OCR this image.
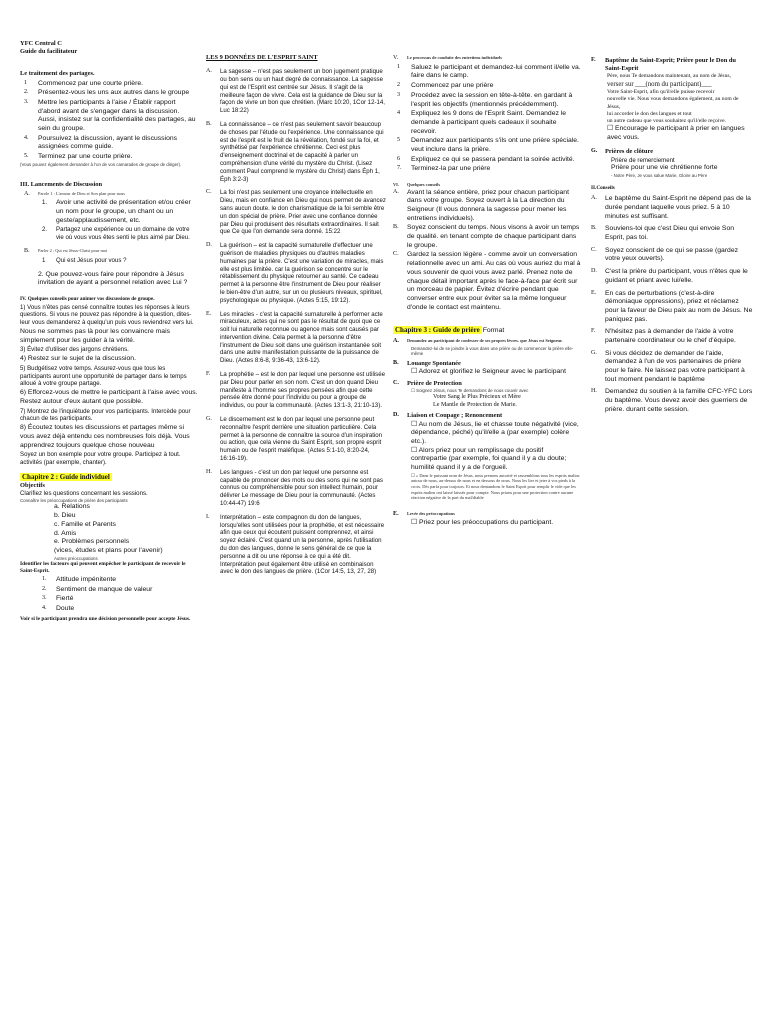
YFC Central C
Guide du facilitateur
Le traitement des partages.
1	Commencez par une courte prière.
2.	Présentez-vous les uns aux autres dans le groupe
3.	Mettre les participants à l'aise / Établir rapport d'abord avant de s'engager dans la discussion. Aussi, insistez sur la confidentialité des partages, au sein du groupe.
4.	Poursuivez la discussion, ayant le discussions assignées comme guide.
5.	Terminez par une courte prière.
(Vous pouvez également demander à l'un de vos camarades de groupe de diriger).
III. Lancements de Discussion
A.	Parole 1 : L'amour de Dieu et Son plan pour nous
1.	Avoir une activité de présentation et/ou créer un nom pour le groupe, un chant ou un geste/applaudissement, etc.
2.	Partagez une expérience ou un domaine de votre vie où vous vous êtes senti le plus aimé par Dieu.
B.	Parler 2 : Qui est Jésus-Christ pour moi
1	Qui est Jésus pour vous ?
2. Que pouvez-vous faire pour répondre à Jésus invitation de ayant a personnel relation avec Lui ?
IV. Quelques conseils pour animer vos discussions de groupe.

1) Vous n'êtes pas censé connaître toutes les réponses à leurs questions. Si vous ne pouvez pas répondre à la question, dites-leur vous demanderez à quelqu'un puis vous reviendrez vers lui.

Nous ne sommes pas là pour les convaincre mais simplement pour les guider à la vérité.

3) Évitez d'utiliser des jargons chrétiens.

4) Restez sur le sujet de la discussion.

5) Budgétisez votre temps. Assurez-vous que tous les participants auront une opportunité de partager dans le temps alloué à votre groupe partage.

6) Efforcez-vous de mettre le participant à l'aise avec vous. Restez autour d'eux autant que possible.

7) Montrez de l'inquiétude pour vos participants. Intercède pour chacun de tes participants.

8) Écoutez toutes les discussions et partages même si vous avez déjà entendu ces nombreuses fois déjà. Vous apprendrez toujours quelque chose nouveau

Soyez un bon exemple pour votre groupe. Participez à tout. activités (par exemple, chanter).

Chapitre 2 : Guide individuel
Objectifs
Clarifiez les questions concernant les sessions.
Connaître les préoccupations de prière des participants
a. Relations
b. Dieu
c. Famille et Parents
d. Amis
e. Problèmes personnels
(vices, études et plans pour l'avenir)
Autres préoccupations
Identifier les facteurs qui peuvent empêcher le participant de recevoir le Saint-Esprit.
1.	Attitude impénitente
2.	Sentiment de manque de valeur
3.	Fierté
4.	Doute
Voir si le participant prendra une décision personnelle pour accepte Jésus.
LES 9 DONNÉES DE L'ESPRIT SAINT
A.	La sagesse – n'est pas seulement un bon jugement pratique ou bon sens ou un haut degré de connaissance. La sagesse qui est de l'Esprit est centrée sur Jésus. Il s'agit de la meilleure façon de vivre. Cela est la guidance de Dieu sur la façon de vivre un bon que chrétien. (Marc 10:20, 1Cor 12-14, Luc 18:22)
B.	La connaissance – ce n'est pas seulement savoir beaucoup de choses par l'étude ou l'expérience. Une connaissance qui est de l'esprit est le fruit de la révélation, fondé sur la foi, et synthétisé par l'expérience chrétienne. Ceci est plus d'enseignement doctrinal et de capacité à parler un compréhension d'une vérité du mystère du Christ. (Lisez comment Paul comprend le mystère du Christ) dans Éph 1, Éph 3:2-3)
C.	La foi n'est pas seulement une croyance intellectuelle en Dieu, mais en confiance en Dieu qui nous permet de avancez sans aucun doute. le don charismatique de la foi semble être un don spécial de prière. Prier avec une confiance donnée par Dieu qui produisent des résultats extraordinaires. Il sait que Ce que l'on demande sera donné. 15:22
D.	La guérison – est la capacité surnaturelle d'effectuer une guérison de maladies physiques ou d'autres maladies humaines par la prière. C'est une variation de miracles, mais elle est plus limitée. car la guérison se concentre sur le rétablissement du physique retourner au santé. Ce cadeau permet à la personne être l'instrument de Dieu pour réaliser le bien-être d'un autre, sur un ou plusieurs niveaux, spirituel, psychologique ou physique. (Actes 5:15, 19:12).
E.	Les miracles - c'est la capacité surnaturelle à performer acte miraculeux, actes qui ne sont pas le résultat de quoi que ce soit lui naturelle reconnue ou agence mais sont causés par intervention divine. Cela permet à la personne d'être l'instrument de Dieu soit dans une guérison instantanée soit dans une autre manifestation puissante de la puissance de Dieu. (Actes 8:6-8, 9:36-43, 13:6-12).
F.	La prophétie – est le don par lequel une personne est utilisée par Dieu pour parler en son nom. C'est un don quand Dieu manifeste à l'homme ses propres pensées afin que cette pensée être donné pour l'individu ou pour a groupe de individus, ou pour la communauté. (Actes 13:1-3, 21:10-13).
G.	Le discernement est le don par lequel une personne peut reconnaître l'esprit derrière une situation particulière. Cela permet à la personne de connaître la source d'un inspiration ou action, que cela vienne du Saint Esprit, son propre esprit humain ou de l'esprit maléfique. (Actes 5:1-10, 8:20-24, 16:16-19).
H.	Les langues - c'est un don par lequel une personne est capable de prononcer des mots ou des sons qui ne sont pas connus ou compréhensible pour son intellect humain, pour délivrer Le message de Dieu pour la communauté. (Actes 10:44-47) 19:6
I.	Interprétation – este compagnon du don de langues, lorsqu'elles sont utilisées pour la prophétie, et est nécessaire afin que ceux qui écoutent puissent comprennez, et ainsi soyez éclairé. C'est quand un la personne, après l'utilisation du don des langues, donne le sens général de ce que la personne a dit ou une réponse à ce qui a été dit. Interprétation peut également être utilisé en combinaison avec le don des langues de prière. (1Cor 14:5, 13, 27, 28)
V.	Le processus de conduite des entretiens individuels
1	Saluez le participant et demandez-lui comment il/elle va. faire dans le camp.
2	Commencez par une prière
3	Procédez avec la session en tête-à-tête. en gardant à l'esprit les objectifs (mentionnés précédemment).
4	Expliquez les 9 dons de l'Esprit Saint. Demandez le demande à participant quels cadeaux il souhaite recevoir.
5	Demandez aux participants s'ils ont une prière spéciale. veut inclure dans la prière.
6	Expliquez ce qui se passera pendant la soirée activité.
7.	Terminez-la par une prière
VI.	Quelques conseils
A.	Avant la séance entière, priez pour chacun participant dans votre groupe. Soyez ouvert à la La direction du Seigneur (Il vous donnera la sagesse pour mener les entretiens individuels).
B.	Soyez conscient du temps. Nous visons à avoir un temps de qualité. en tenant compte de chaque participant dans le groupe.
C.	Gardez la session légère - comme avoir un conversation relationnelle avec un ami. Au cas où vous auriez du mal à vous souvenir de quoi vous avez parlé. Prenez note de chaque détail important après le face-à-face par écrit sur un morceau de papier. Évitez d'écrire pendant que converser entre eux pour éviter sa la même longueur d'onde le contact est maintenu.
Chapitre 3 : Guide de prière Format
A.	Demandez au participant de confesser de ses propres lèvres. que Jésus est Seigneur.
Demandez-lui de se joindre à vous dans une prière ou de commencer la prière elle-même
B.	Louange Spontanée
☐ Adorez et glorifiez le Seigneur avec le participant
C.	Prière de Protection
☐ Soignez Jésus, nous Te demandons de nous couvrir avec
Votre Sang le Plus Précieux et Mère
Le Mantle de Protection de Marie.
D.	Liaison et Coupage ; Renoncement
☐ Au nom de Jésus, lie et chasse toute négativité (vice, dépendance, péché) qu'il/elle a (par exemple) colère etc.).
☐ Alors priez pour un remplissage du positif contrepartie (par exemple, foi quand il y a du doute; humilité quand il y a de l'orgueil.
☐ « Dans le puissant nom de Jésus, nous prenons autorité et rassemblons tous les esprits malins autour de nous, au-dessus de nous et en dessous de nous. Nous les lier et jeter à vos pieds à la croix. Dès parfa pour toujours. Et nous demandons le Saint Esprit pour remplir le vide que les esprits malins ont laissé laissés pour compte. Nous prions pour une protection contre aucune réaction négative de la part du mal/diable
E.	Levée des préoccupations
☐ Priez pour les préoccupations du participant.
F.	Baptême du Saint-Esprit; Prière pour le Don du Saint-Esprit
Père, nous Te demandons maintenant, au nom de Jésus,
verser sur ___(nom du participant)___
Votre Saint-Esprit, afin qu'il/elle puisse recevoir
nouvelle vie. Nous vous demandons également, au nom de Jésus,
lui accorder le don des langues et tout
un autre cadeau que vous souhaitez qu'il/elle reçoive.
☐ Encourage le participant à prier en langues avec vous.
G.	Prières de clôture
Prière de remerciement
Prière pour une vie chrétienne forte
- Notre Père, Je vous salue Marie, Gloire au Père
II.Conseils
A.	Le baptême du Saint-Esprit ne dépend pas de la durée pendant laquelle vous priez. 5 à 10 minutes est suffisant.
B.	Souviens-toi que c'est Dieu qui envoie Son Esprit, pas toi.
C.	Soyez conscient de ce qui se passe (gardez votre yeux ouverts).
D.	C'est la prière du participant, vous n'êtes que le guidant et priant avec lui/elle.
E.	En cas de perturbations (c'est-à-dire démoniaque oppressions), priez et réclamez pour la faveur de Dieu paix au nom de Jésus. Ne paniquez pas.
F.	N'hésitez pas à demander de l'aide à votre partenaire coordinateur ou le chef d'équipe.
G.	Si vous décidez de demander de l'aide, demandez à l'un de vos partenaires de prière pour le faire. Ne laissez pas votre participant à tout moment pendant le baptême
H.	Demandez du soutien à la famille CFC-YFC Lors du baptême. Vous devez avoir des guerriers de prière. durant cette session.
